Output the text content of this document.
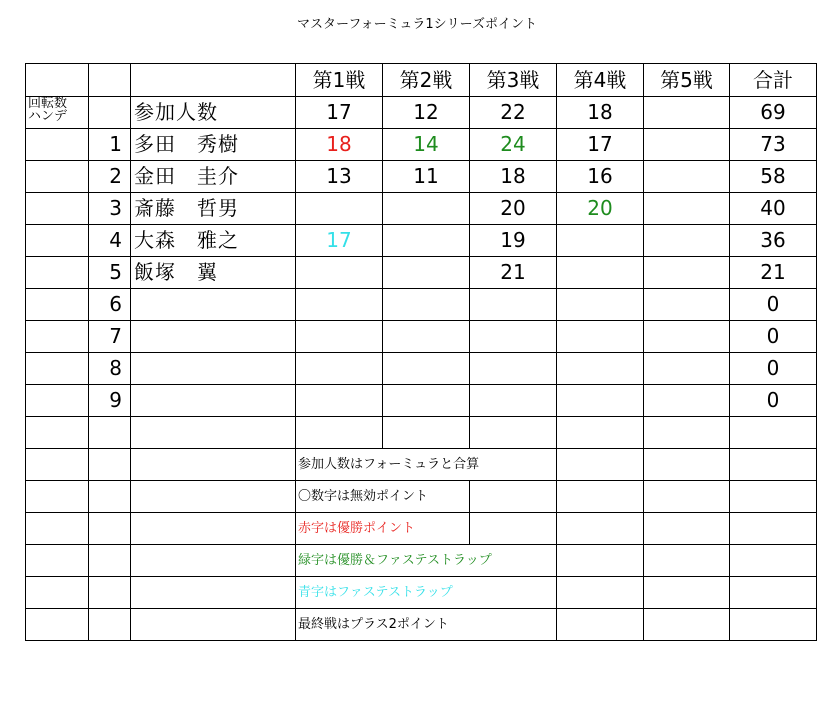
マスターフォーミュラ1シリーズポイント
			第1戦	第2戦	第3戦	第4戦	第5戦	合計
回転数
ハンデ		参加人数	17	12	22	18		69
	1	多田　秀樹	18	14	24	17		73
	2	金田　圭介	13	11	18	16		58
	3	斎藤　哲男			20	20		40
	4	大森　雅之	17		19			36
	5	飯塚　翼			21			21
	6							0
	7							0
	8							0
	9							0

			参加人数はフォーミュラと合算					

			〇数字は無効ポイント					

			赤字は優勝ポイント					

			緑字は優勝＆ファステストラップ					

			青字はファステストラップ					

			最終戦はプラス2ポイント					
